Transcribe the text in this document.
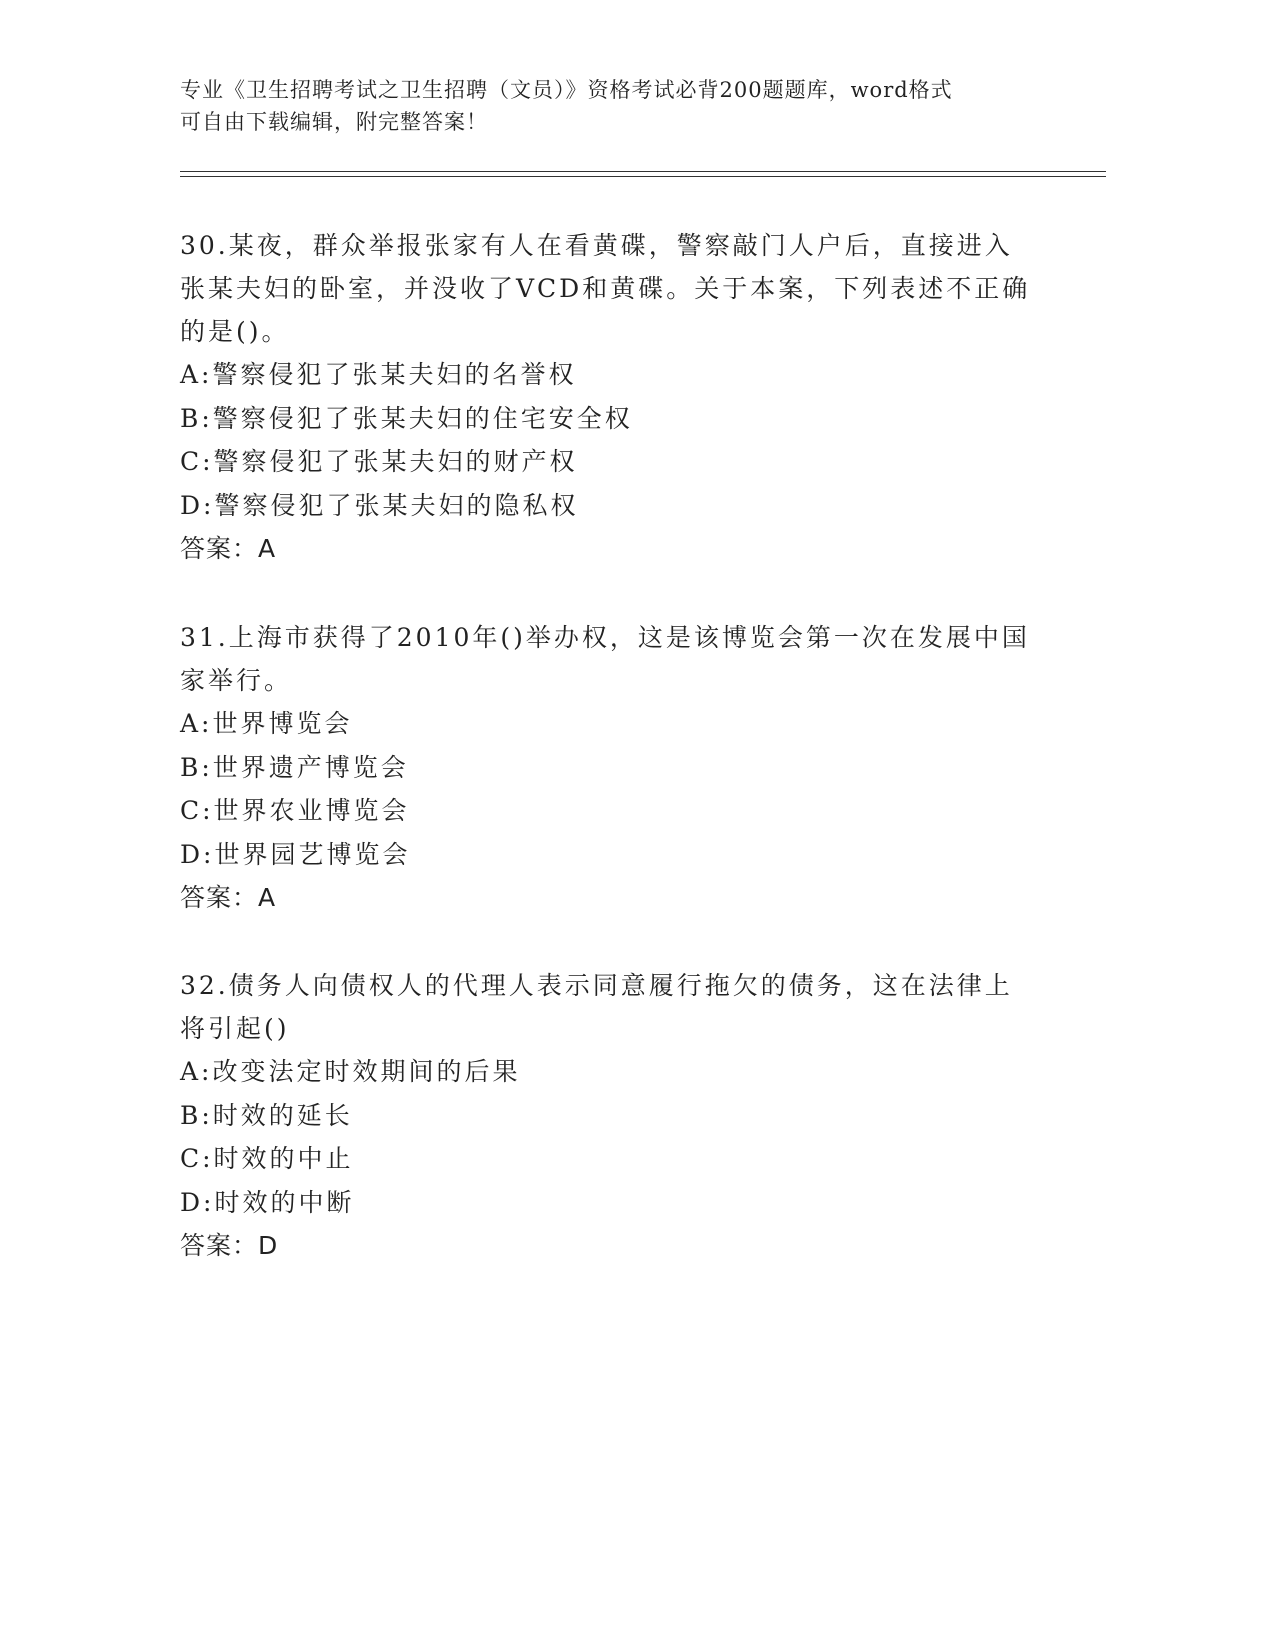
专业《卫生招聘考试之卫生招聘（文员）》资格考试必背200题题库，word格式
可自由下载编辑，附完整答案！

30.某夜，群众举报张家有人在看黄碟，警察敲门人户后，直接进入张某夫妇的卧室，并没收了VCD和黄碟。关于本案，下列表述不正确的是()。

A:警察侵犯了张某夫妇的名誉权

B:警察侵犯了张某夫妇的住宅安全权

C:警察侵犯了张某夫妇的财产权

D:警察侵犯了张某夫妇的隐私权

答案：A

31.上海市获得了2010年()举办权，这是该博览会第一次在发展中国家举行。

A:世界博览会

B:世界遗产博览会

C:世界农业博览会

D:世界园艺博览会

答案：A

32.债务人向债权人的代理人表示同意履行拖欠的债务，这在法律上将引起()

A:改变法定时效期间的后果

B:时效的延长

C:时效的中止

D:时效的中断

答案：D
